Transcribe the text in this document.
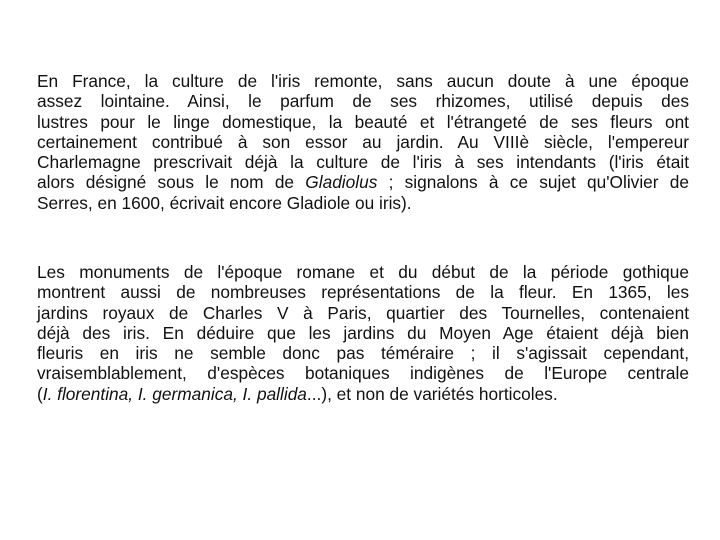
En France, la culture de l'iris remonte, sans aucun doute à une époque
assez lointaine. Ainsi, le parfum de ses rhizomes, utilisé depuis des
lustres pour le linge domestique, la beauté et l'étrangeté de ses fleurs ont
certainement contribué à son essor au jardin. Au VIIIè siècle, l'empereur
Charlemagne prescrivait déjà la culture de l'iris à ses intendants (l'iris était
alors désigné sous le nom de Gladiolus ; signalons à ce sujet qu'Olivier de
Serres, en 1600, écrivait encore Gladiole ou iris).

Les monuments de l'époque romane et du début de la période gothique
montrent aussi de nombreuses représentations de la fleur. En 1365, les
jardins royaux de Charles V à Paris, quartier des Tournelles, contenaient
déjà des iris. En déduire que les jardins du Moyen Age étaient déjà bien
fleuris en iris ne semble donc pas téméraire ; il s'agissait cependant,
vraisemblablement, d'espèces botaniques indigènes de l'Europe centrale
(I. florentina, I. germanica, I. pallida...), et non de variétés horticoles.
